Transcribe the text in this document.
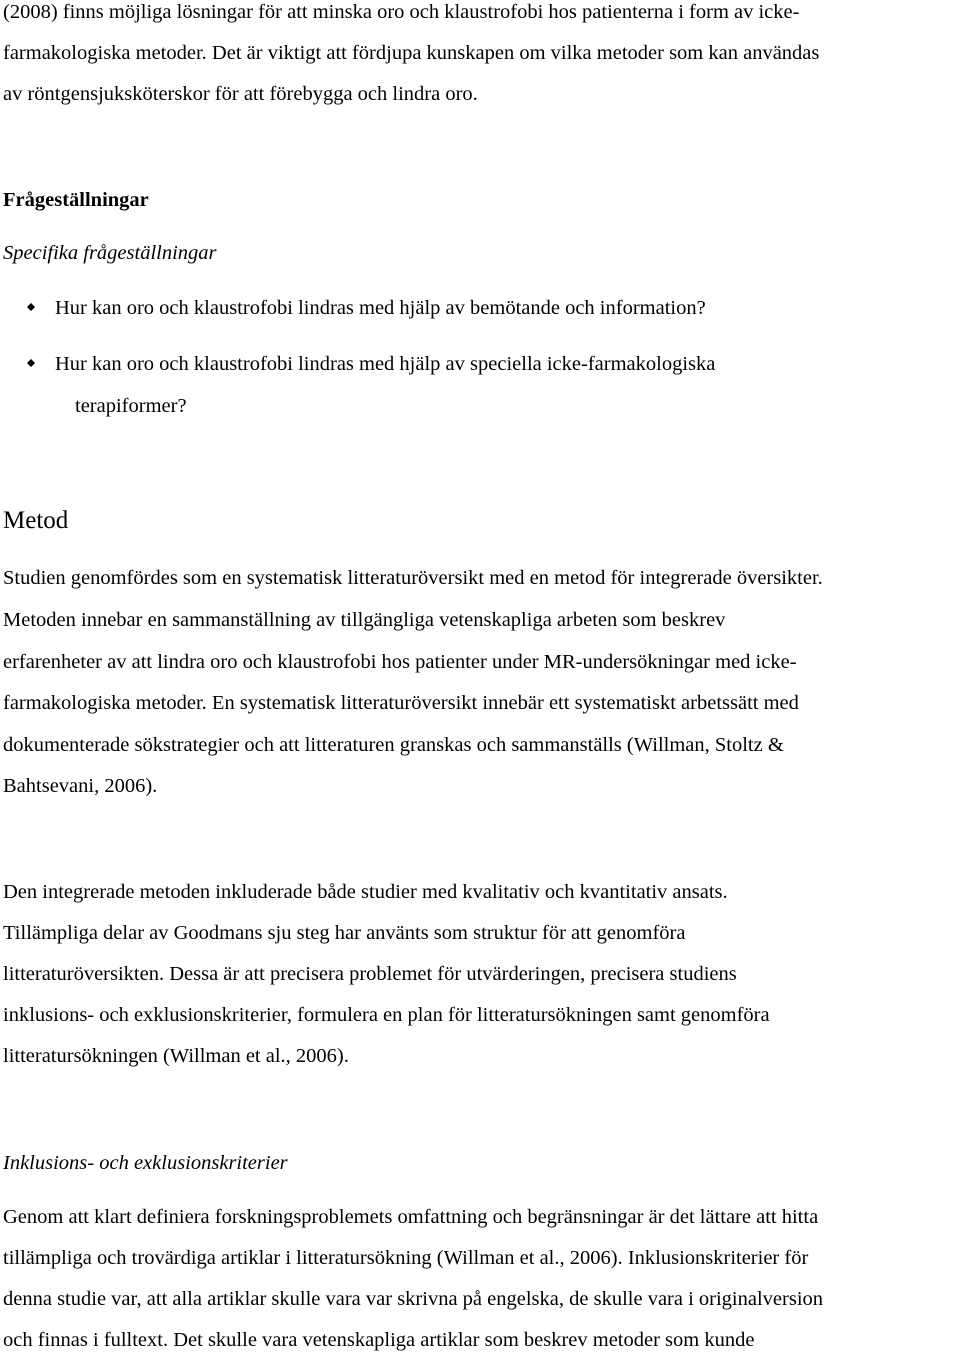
(2008) finns möjliga lösningar för att minska oro och klaustrofobi hos patienterna i form av icke-
farmakologiska metoder. Det är viktigt att fördjupa kunskapen om vilka metoder som kan användas
av röntgensjuksköterskor för att förebygga och lindra oro.
Frågeställningar
Specifika frågeställningar
Hur kan oro och klaustrofobi lindras med hjälp av bemötande och information?
Hur kan oro och klaustrofobi lindras med hjälp av speciella icke-farmakologiska
terapiformer?
Metod
Studien genomfördes som en systematisk litteraturöversikt med en metod för integrerade översikter.
Metoden innebar en sammanställning av tillgängliga vetenskapliga arbeten som beskrev
erfarenheter av att lindra oro och klaustrofobi hos patienter under MR-undersökningar med icke-
farmakologiska metoder. En systematisk litteraturöversikt innebär ett systematiskt arbetssätt med
dokumenterade sökstrategier och att litteraturen granskas och sammanställs (Willman, Stoltz &
Bahtsevani, 2006).
Den integrerade metoden inkluderade både studier med kvalitativ och kvantitativ ansats.
Tillämpliga delar av Goodmans sju steg har använts som struktur för att genomföra
litteraturöversikten. Dessa är att precisera problemet för utvärderingen, precisera studiens
inklusions- och exklusionskriterier, formulera en plan för litteratursökningen samt genomföra
litteratursökningen (Willman et al., 2006).
Inklusions- och exklusionskriterier
Genom att klart definiera forskningsproblemets omfattning och begränsningar är det lättare att hitta
tillämpliga och trovärdiga artiklar i litteratursökning (Willman et al., 2006). Inklusionskriterier för
denna studie var, att alla artiklar skulle vara var skrivna på engelska, de skulle vara i originalversion
och finnas i fulltext. Det skulle vara vetenskapliga artiklar som beskrev metoder som kunde
